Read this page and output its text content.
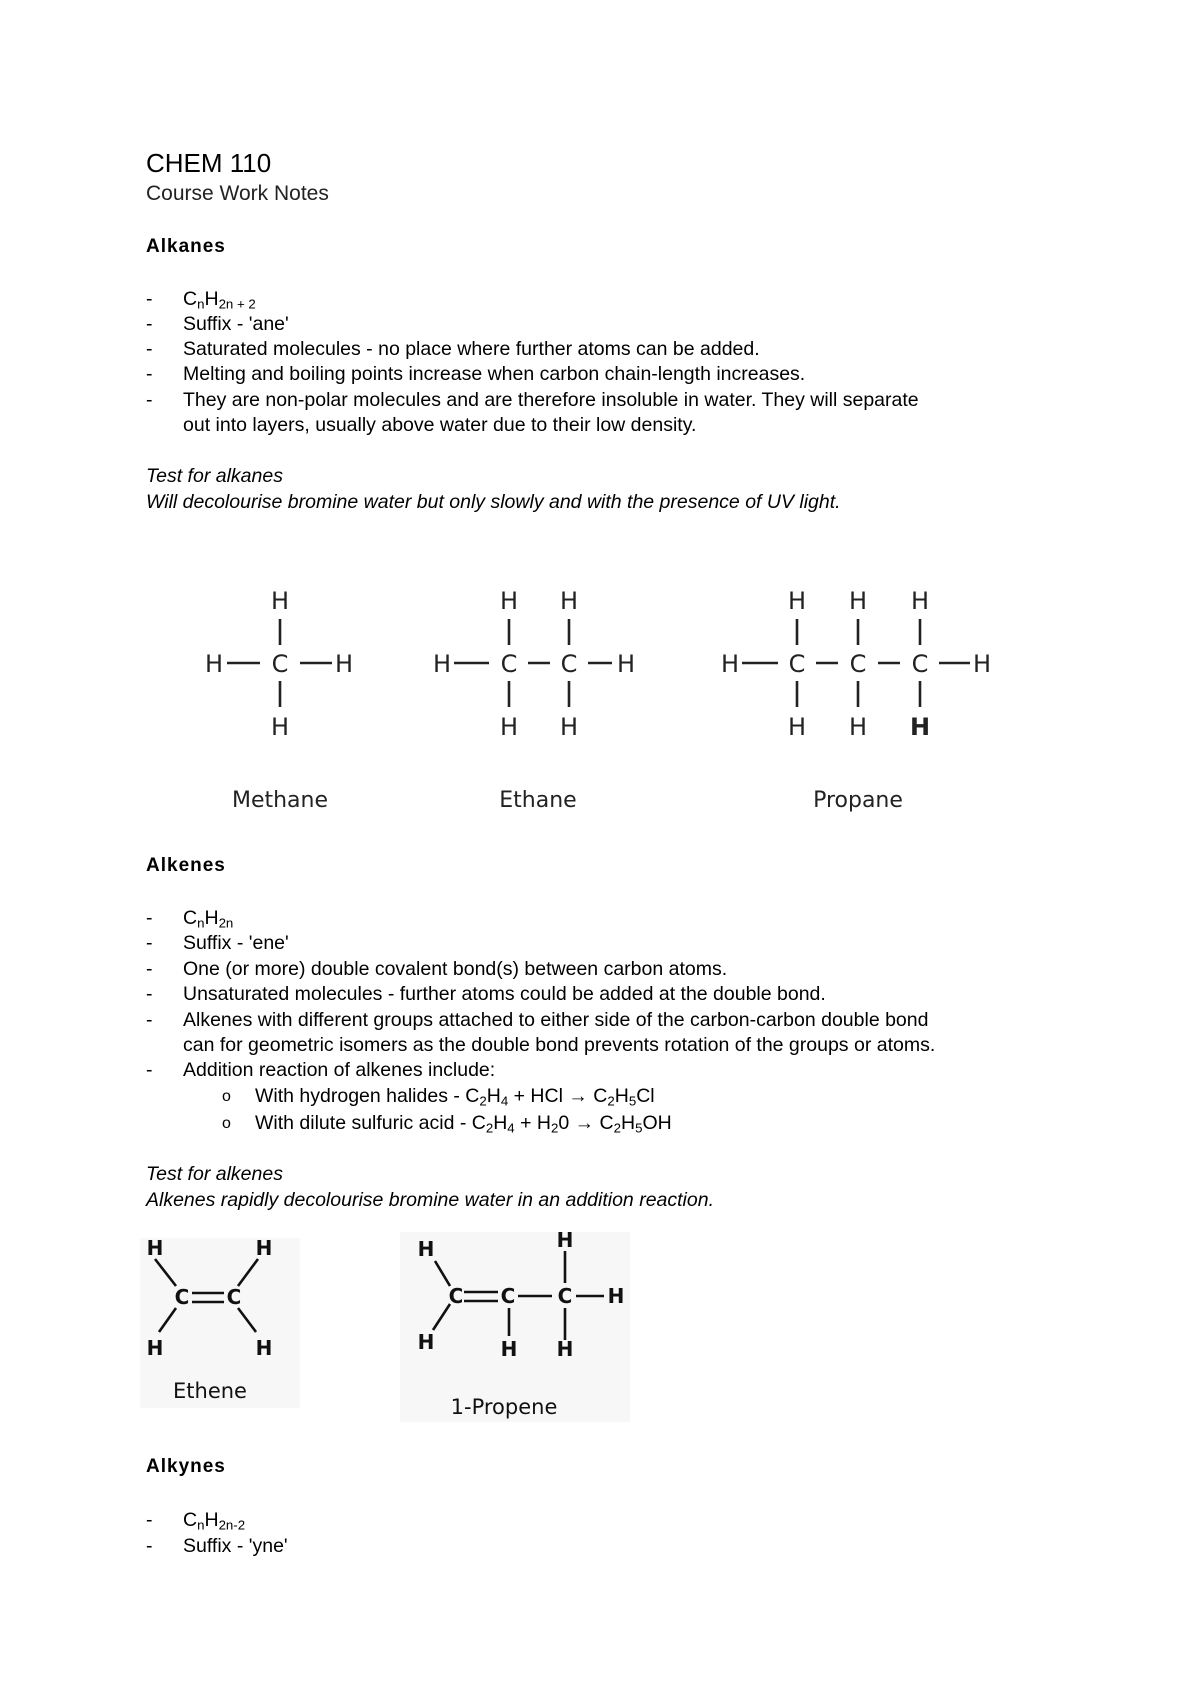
CHEM 110
Course Work Notes
Alkanes
- $C_nH_{2n + 2}$
- Suffix - 'ane'
- Saturated molecules - no place where further atoms can be added.
- Melting and boiling points increase when carbon chain-length increases.
- They are non-polar molecules and are therefore insoluble in water. They will separate
out into layers, usually above water due to their low density.
Test for alkanes
Will decolourise bromine water but only slowly and with the presence of UV light.
H
C
H	H
H
H H
H C C H
H H
H H H
H C C C H
H H H
Methane	Ethane	Propane
Alkenes
- $C_nH_{2n}$
- Suffix - 'ene'
- One (or more) double covalent bond(s) between carbon atoms.
- Unsaturated molecules - further atoms could be added at the double bond.
- Alkenes with different groups attached to either side of the carbon-carbon double bond
can for geometric isomers as the double bond prevents rotation of the groups or atoms.
- Addition reaction of alkenes include:
o With hydrogen halides - $C_2H_4$ + HCl → $C_2H_5Cl$
o With dilute sulfuric acid - $C_2H_4 + H_20 \to C_2H_5OH$
Test for alkenes
Alkenes rapidly decolourise bromine water in an addition reaction.
H	H
C C
H	H
Ethene
H	H
C C C H
H	H H
1-Propene
Alkynes
- $C_nH_{2n-2}$
- Suffix - 'yne'
